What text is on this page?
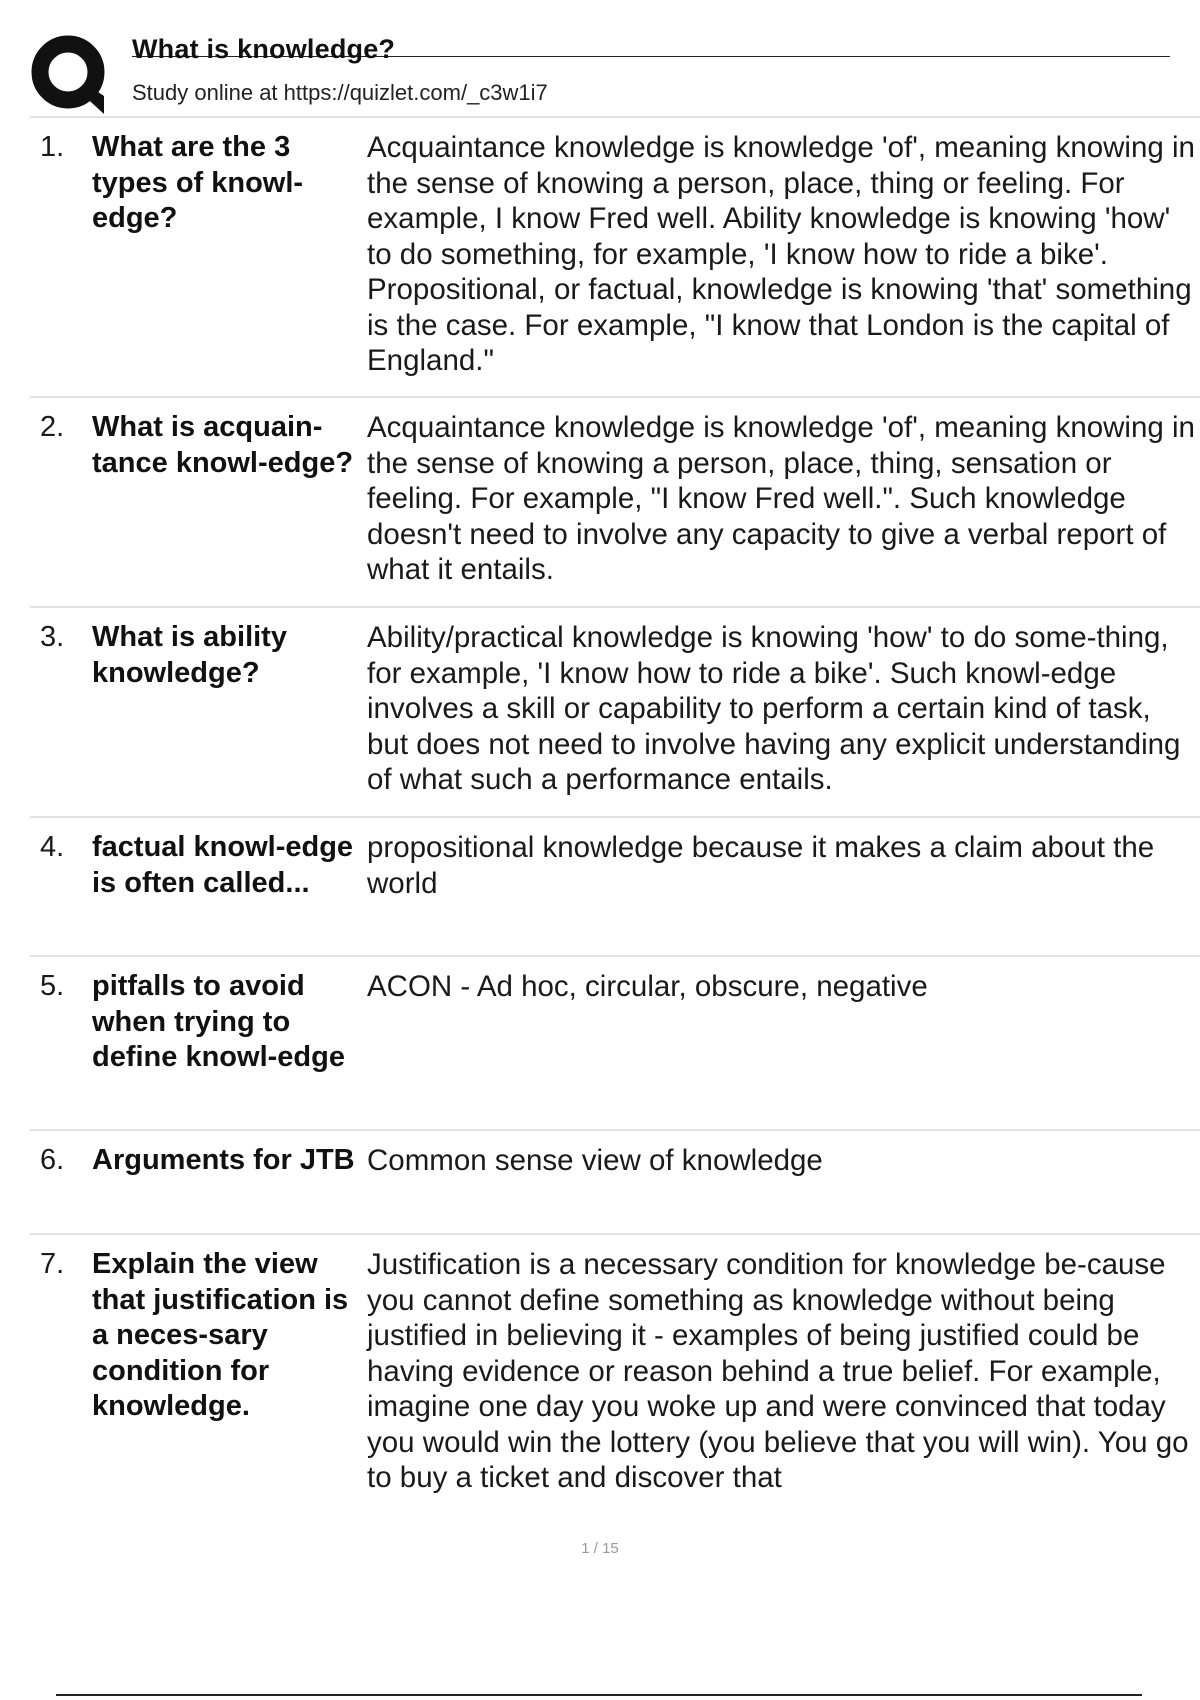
What is knowledge?
Study online at https://quizlet.com/_c3w1i7
1. What are the 3 types of knowl-edge?
Acquaintance knowledge is knowledge 'of', meaning knowing in the sense of knowing a person, place, thing or feeling. For example, I know Fred well. Ability knowledge is knowing 'how' to do something, for example, 'I know how to ride a bike'. Propositional, or factual, knowledge is knowing 'that' something is the case. For example, "I know that London is the capital of England."
2. What is acquain-tance knowl-edge?
Acquaintance knowledge is knowledge 'of', meaning knowing in the sense of knowing a person, place, thing, sensation or feeling. For example, "I know Fred well.". Such knowledge doesn't need to involve any capacity to give a verbal report of what it entails.
3. What is ability knowledge?
Ability/practical knowledge is knowing 'how' to do some-thing, for example, 'I know how to ride a bike'. Such knowl-edge involves a skill or capability to perform a certain kind of task, but does not need to involve having any explicit understanding of what such a performance entails.
4. factual knowl-edge is often called...
propositional knowledge because it makes a claim about the world
5. pitfalls to avoid when trying to define knowl-edge
ACON - Ad hoc, circular, obscure, negative
6. Arguments for JTB Common sense view of knowledge
7. Explain the view that justification is a neces-sary condition for knowledge.
Justification is a necessary condition for knowledge be-cause you cannot define something as knowledge without being justified in believing it - examples of being justified could be having evidence or reason behind a true belief. For example, imagine one day you woke up and were convinced that today you would win the lottery (you believe that you will win). You go to buy a ticket and discover that
1 / 15
